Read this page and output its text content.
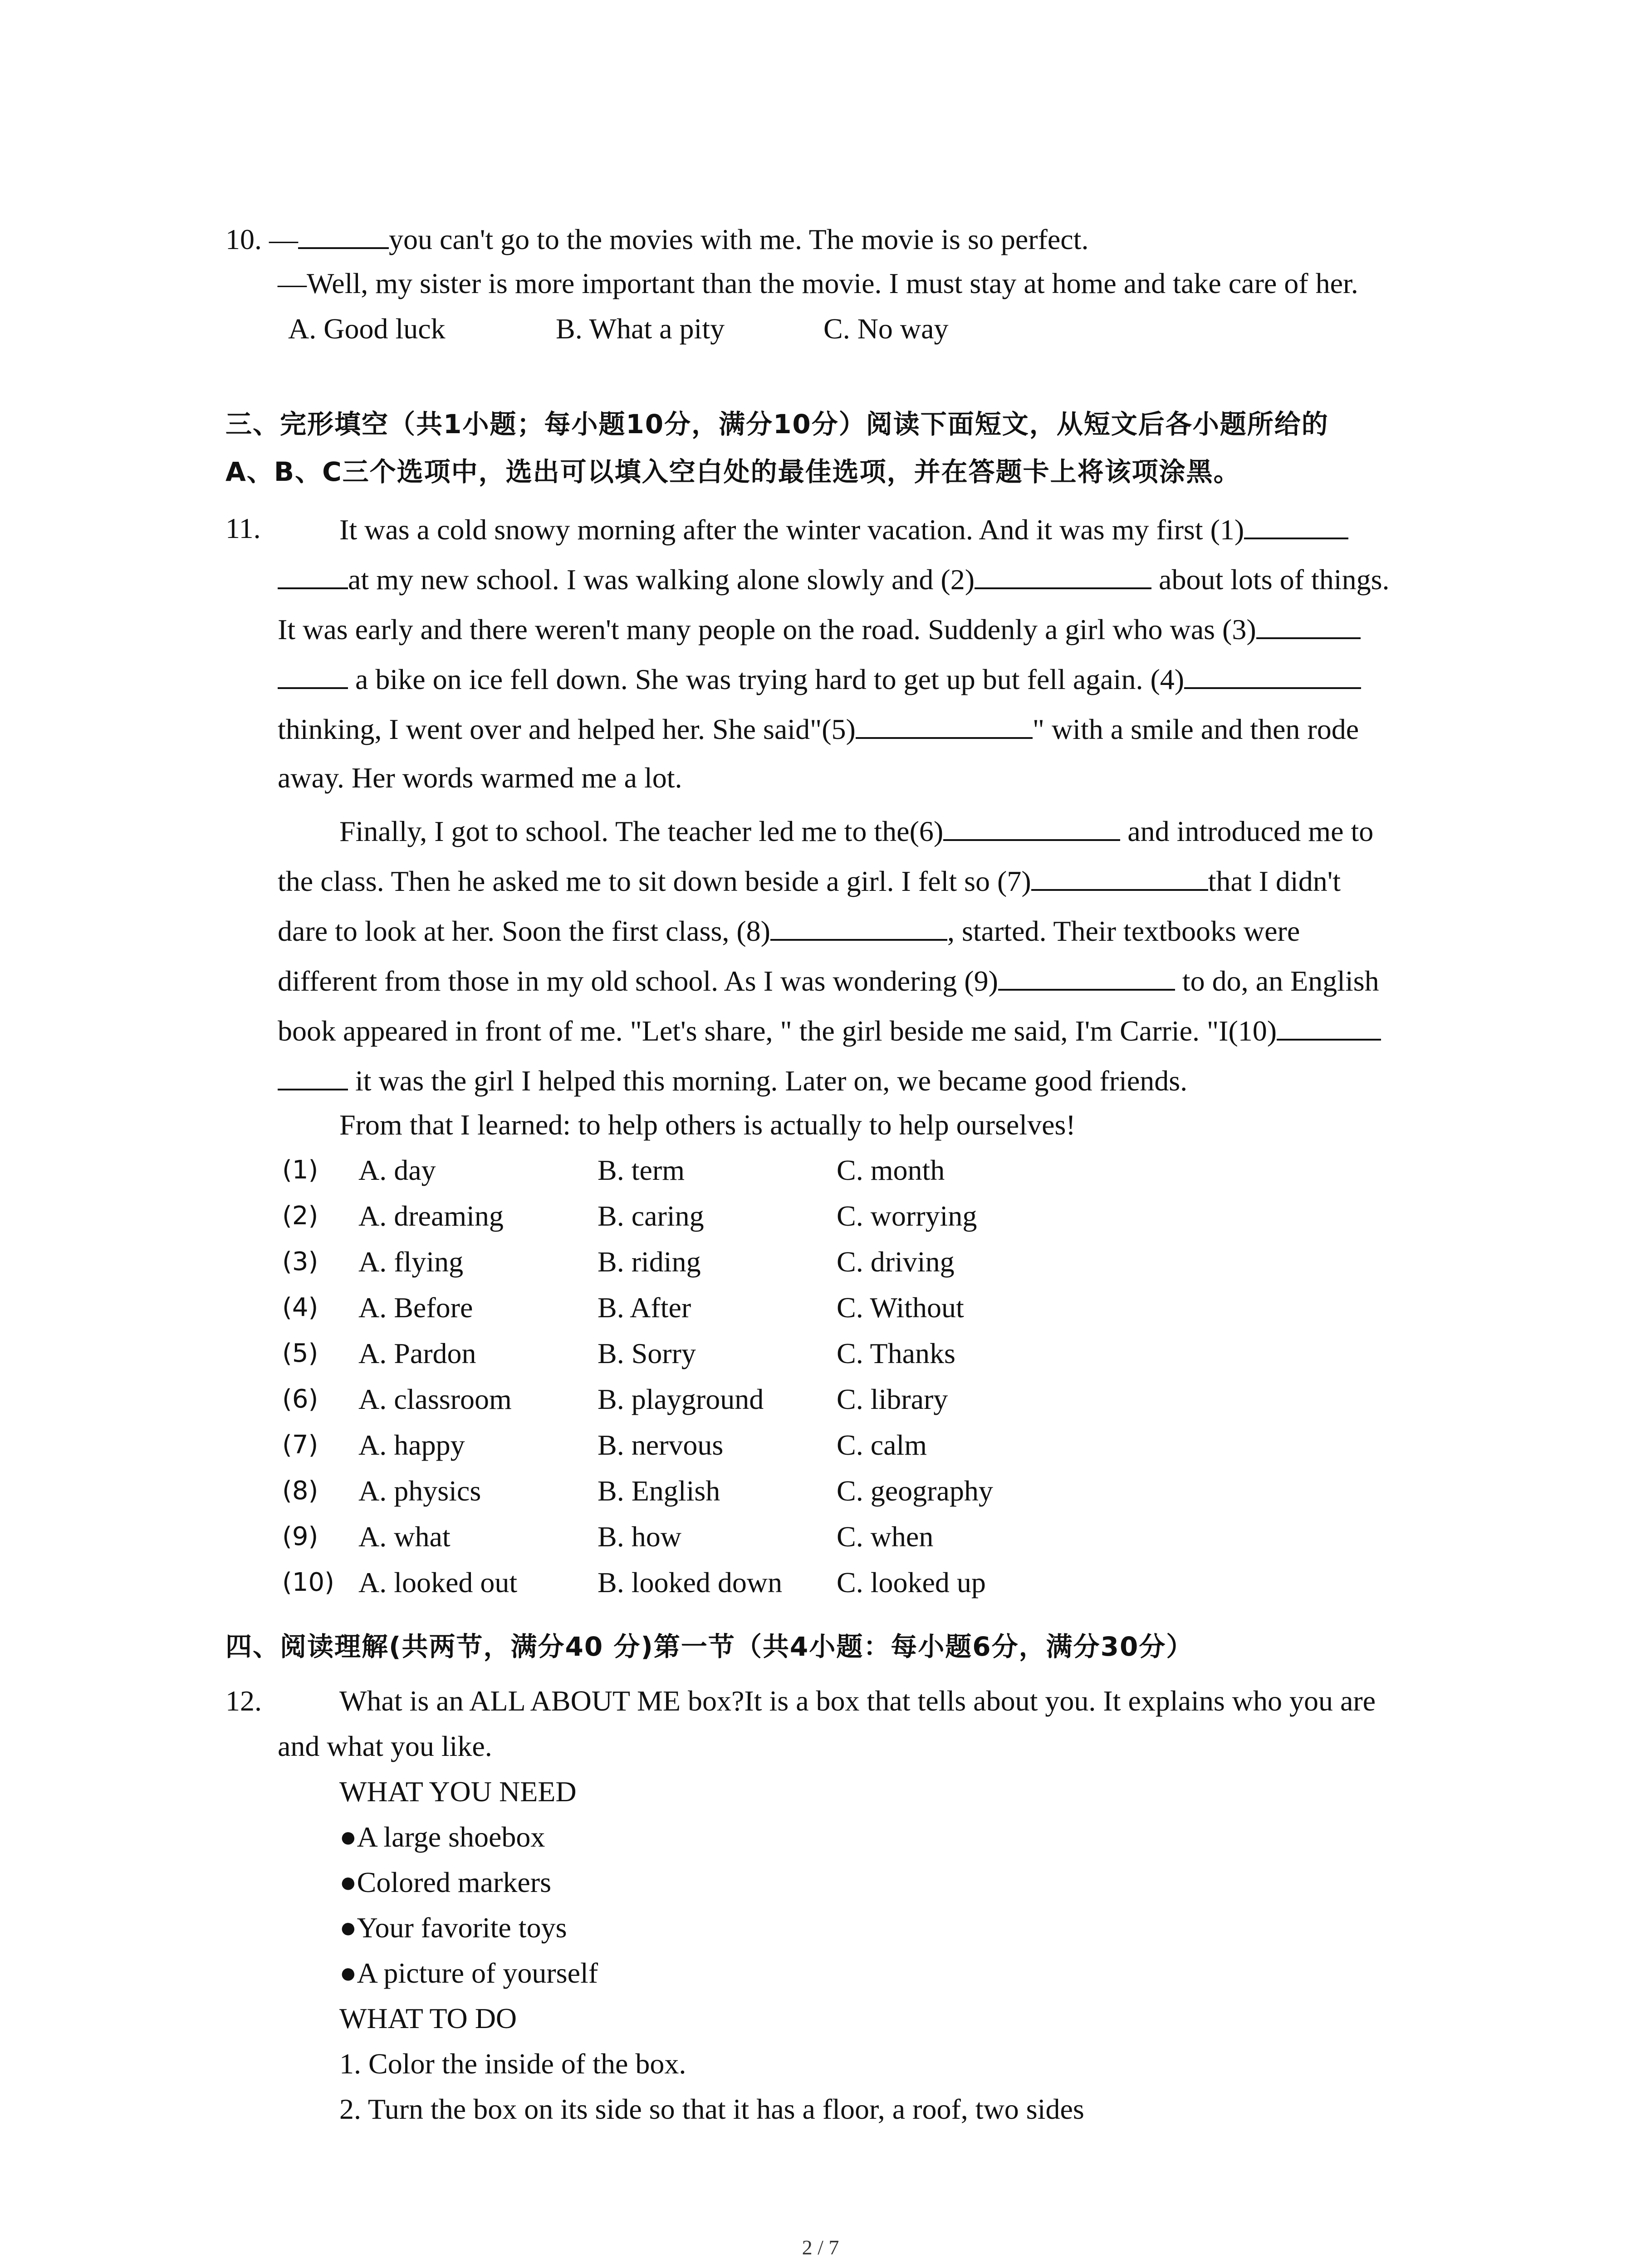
10. —	you can't go to the movies with me. The movie is so perfect.
—Well, my sister is more important than the movie. I must stay at home and take care of her.
A. Good luck	B. What a pity	C. No way
三、完形填空（共1小题；每小题10分，满分10分）阅读下面短文，从短文后各小题所给的
A、B、C三个选项中，选出可以填入空白处的最佳选项，并在答题卡上将该项涂黑。
11.	It was a cold snowy morning after the winter vacation. And it was my first (1)
at my new school. I was walking alone slowly and (2)	about lots of things.
It was early and there weren't many people on the road. Suddenly a girl who was (3)
a bike on ice fell down. She was trying hard to get up but fell again. (4)
thinking, I went over and helped her. She said"(5)	" with a smile and then rode
away. Her words warmed me a lot.
Finally, I got to school. The teacher led me to the(6)	and introduced me to
the class. Then he asked me to sit down beside a girl. I felt so (7)	that I didn't
dare to look at her. Soon the first class, (8)	, started. Their textbooks were
different from those in my old school. As I was wondering (9)	to do, an English
book appeared in front of me. "Let's share, " the girl beside me said, I'm Carrie. "I(10)
it was the girl I helped this morning. Later on, we became good friends.
From that I learned: to help others is actually to help ourselves!
(1) A. day	B. term	C. month
(2) A. dreaming	B. caring	C. worrying
(3) A. flying	B. riding	C. driving
(4) A. Before	B. After	C. Without
(5) A. Pardon	B. Sorry	C. Thanks
(6) A. classroom	B. playground	C. library
(7) A. happy	B. nervous	C. calm
(8) A. physics	B. English	C. geography
(9) A. what	B. how	C. when
(10) A. looked out	B. looked down C. looked up
四、阅读理解(共两节，满分40 分)第一节（共4小题：每小题6分，满分30分）
12.	What is an ALL ABOUT ME box?It is a box that tells about you. It explains who you are
and what you like.
WHAT YOU NEED
●A large shoebox
●Colored markers
●Your favorite toys
●A picture of yourself
WHAT TO DO
1. Color the inside of the box.
2. Turn the box on its side so that it has a floor, a roof, two sides
2 / 7
